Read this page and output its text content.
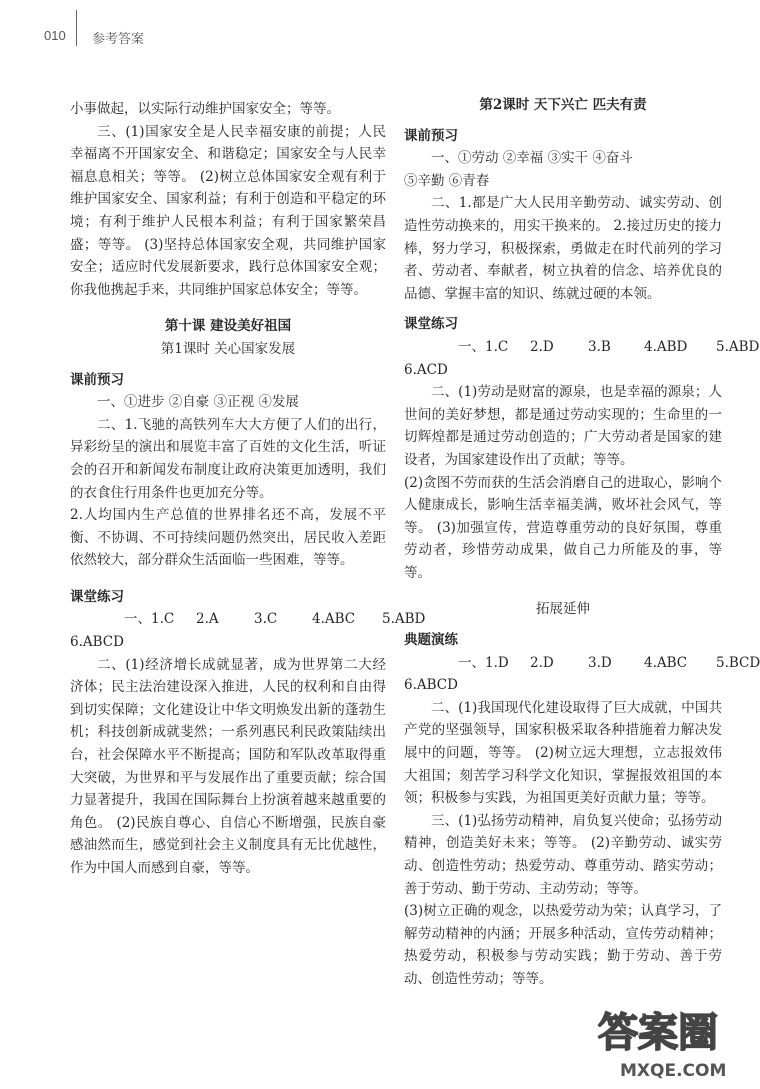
010 参考答案

小事做起，以实际行动维护国家安全；等等。

三、(1)国家安全是人民幸福安康的前提；人民幸福离不开国家安全、和谐稳定；国家安全与人民幸福息息相关；等等。 (2)树立总体国家安全观有利于维护国家安全、国家利益；有利于创造和平稳定的环境；有利于维护人民根本利益；有利于国家繁荣昌盛；等等。 (3)坚持总体国家安全观，共同维护国家安全；适应时代发展新要求，践行总体国家安全观；你我他携起手来，共同维护国家总体安全；等等。

第十课 建设美好祖国

第1课时 关心国家发展

课前预习

一、①进步 ②自豪 ③正视 ④发展

二、1.飞驰的高铁列车大大方便了人们的出行，异彩纷呈的演出和展览丰富了百姓的文化生活，听证会的召开和新闻发布制度让政府决策更加透明，我们的衣食住行用条件也更加充分等。

2.人均国内生产总值的世界排名还不高，发展不平衡、不协调、不可持续问题仍然突出，居民收入差距依然较大，部分群众生活面临一些困难，等等。

课堂练习

一、1.C 2.A	3.C	4.ABC 5.ABD

6.ABCD

二、(1)经济增长成就显著，成为世界第二大经济体；民主法治建设深入推进，人民的权利和自由得到切实保障；文化建设让中华文明焕发出新的蓬勃生机；科技创新成就斐然；一系列惠民利民政策陆续出台，社会保障水平不断提高；国防和军队改革取得重大突破，为世界和平与发展作出了重要贡献；综合国力显著提升，我国在国际舞台上扮演着越来越重要的角色。 (2)民族自尊心、自信心不断增强，民族自豪感油然而生，感觉到社会主义制度具有无比优越性，作为中国人而感到自豪，等等。

第2课时 天下兴亡 匹夫有责

课前预习

一、①劳动 ②幸福 ③实干 ④奋斗

⑤辛勤 ⑥青春

二、1.都是广大人民用辛勤劳动、诚实劳动、创造性劳动换来的，用实干换来的。 2.接过历史的接力棒，努力学习，积极探索，勇做走在时代前列的学习者、劳动者、奉献者，树立执着的信念、培养优良的品德、掌握丰富的知识、练就过硬的本领。

课堂练习

一、1.C 2.D	3.B 4.ABD 5.ABD

6.ACD

二、(1)劳动是财富的源泉，也是幸福的源泉；人世间的美好梦想，都是通过劳动实现的；生命里的一切辉煌都是通过劳动创造的；广大劳动者是国家的建设者，为国家建设作出了贡献；等等。

(2)贪图不劳而获的生活会消磨自己的进取心，影响个人健康成长，影响生活幸福美满，败坏社会风气，等等。 (3)加强宣传，营造尊重劳动的良好氛围，尊重劳动者，珍惜劳动成果，做自己力所能及的事，等等。

拓展延伸

典题演练

一、1.D 2.D	3.D 4.ABC 5.BCD

6.ABCD

二、(1)我国现代化建设取得了巨大成就，中国共产党的坚强领导，国家积极采取各种措施着力解决发展中的问题，等等。 (2)树立远大理想，立志报效伟大祖国；刻苦学习科学文化知识，掌握报效祖国的本领；积极参与实践，为祖国更美好贡献力量；等等。

三、(1)弘扬劳动精神，肩负复兴使命；弘扬劳动精神，创造美好未来；等等。 (2)辛勤劳动、诚实劳动、创造性劳动；热爱劳动、尊重劳动、踏实劳动；善于劳动、勤于劳动、主动劳动；等等。

(3)树立正确的观念，以热爱劳动为荣；认真学习，了解劳动精神的内涵；开展多种活动，宣传劳动精神；热爱劳动，积极参与劳动实践；勤于劳动、善于劳动、创造性劳动；等等。

答案圈
MXQE.COM
